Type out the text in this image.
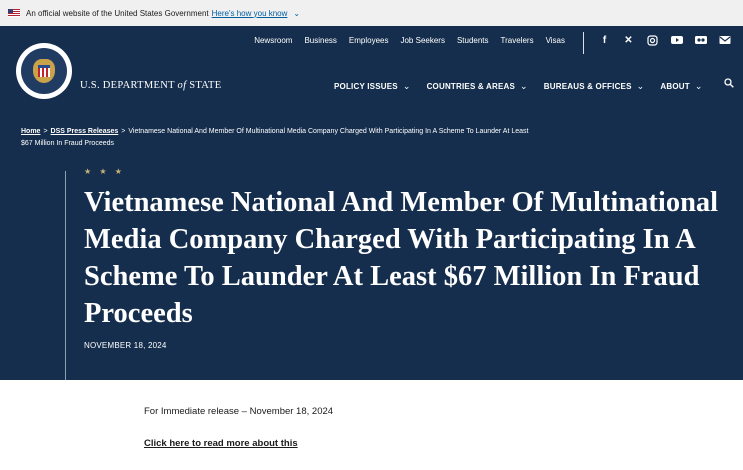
An official website of the United States Government Here's how you know ⌄
Newsroom Business Employees Job Seekers Students Travelers Visas	f	✕
U.S. DEPARTMENT of STATE	POLICY ISSUES ⌄ COUNTRIES & AREAS ⌄ BUREAUS & OFFICES ⌄ ABOUT ⌄
Home > DSS Press Releases > Vietnamese National And Member Of Multinational Media Company Charged With Participating In A Scheme To Launder At Least $67 Million In Fraud Proceeds
★ ★ ★
Vietnamese National And Member Of Multinational Media Company Charged With Participating In A Scheme To Launder At Least $67 Million In Fraud Proceeds
NOVEMBER 18, 2024
For Immediate release – November 18, 2024
Click here to read more about this
